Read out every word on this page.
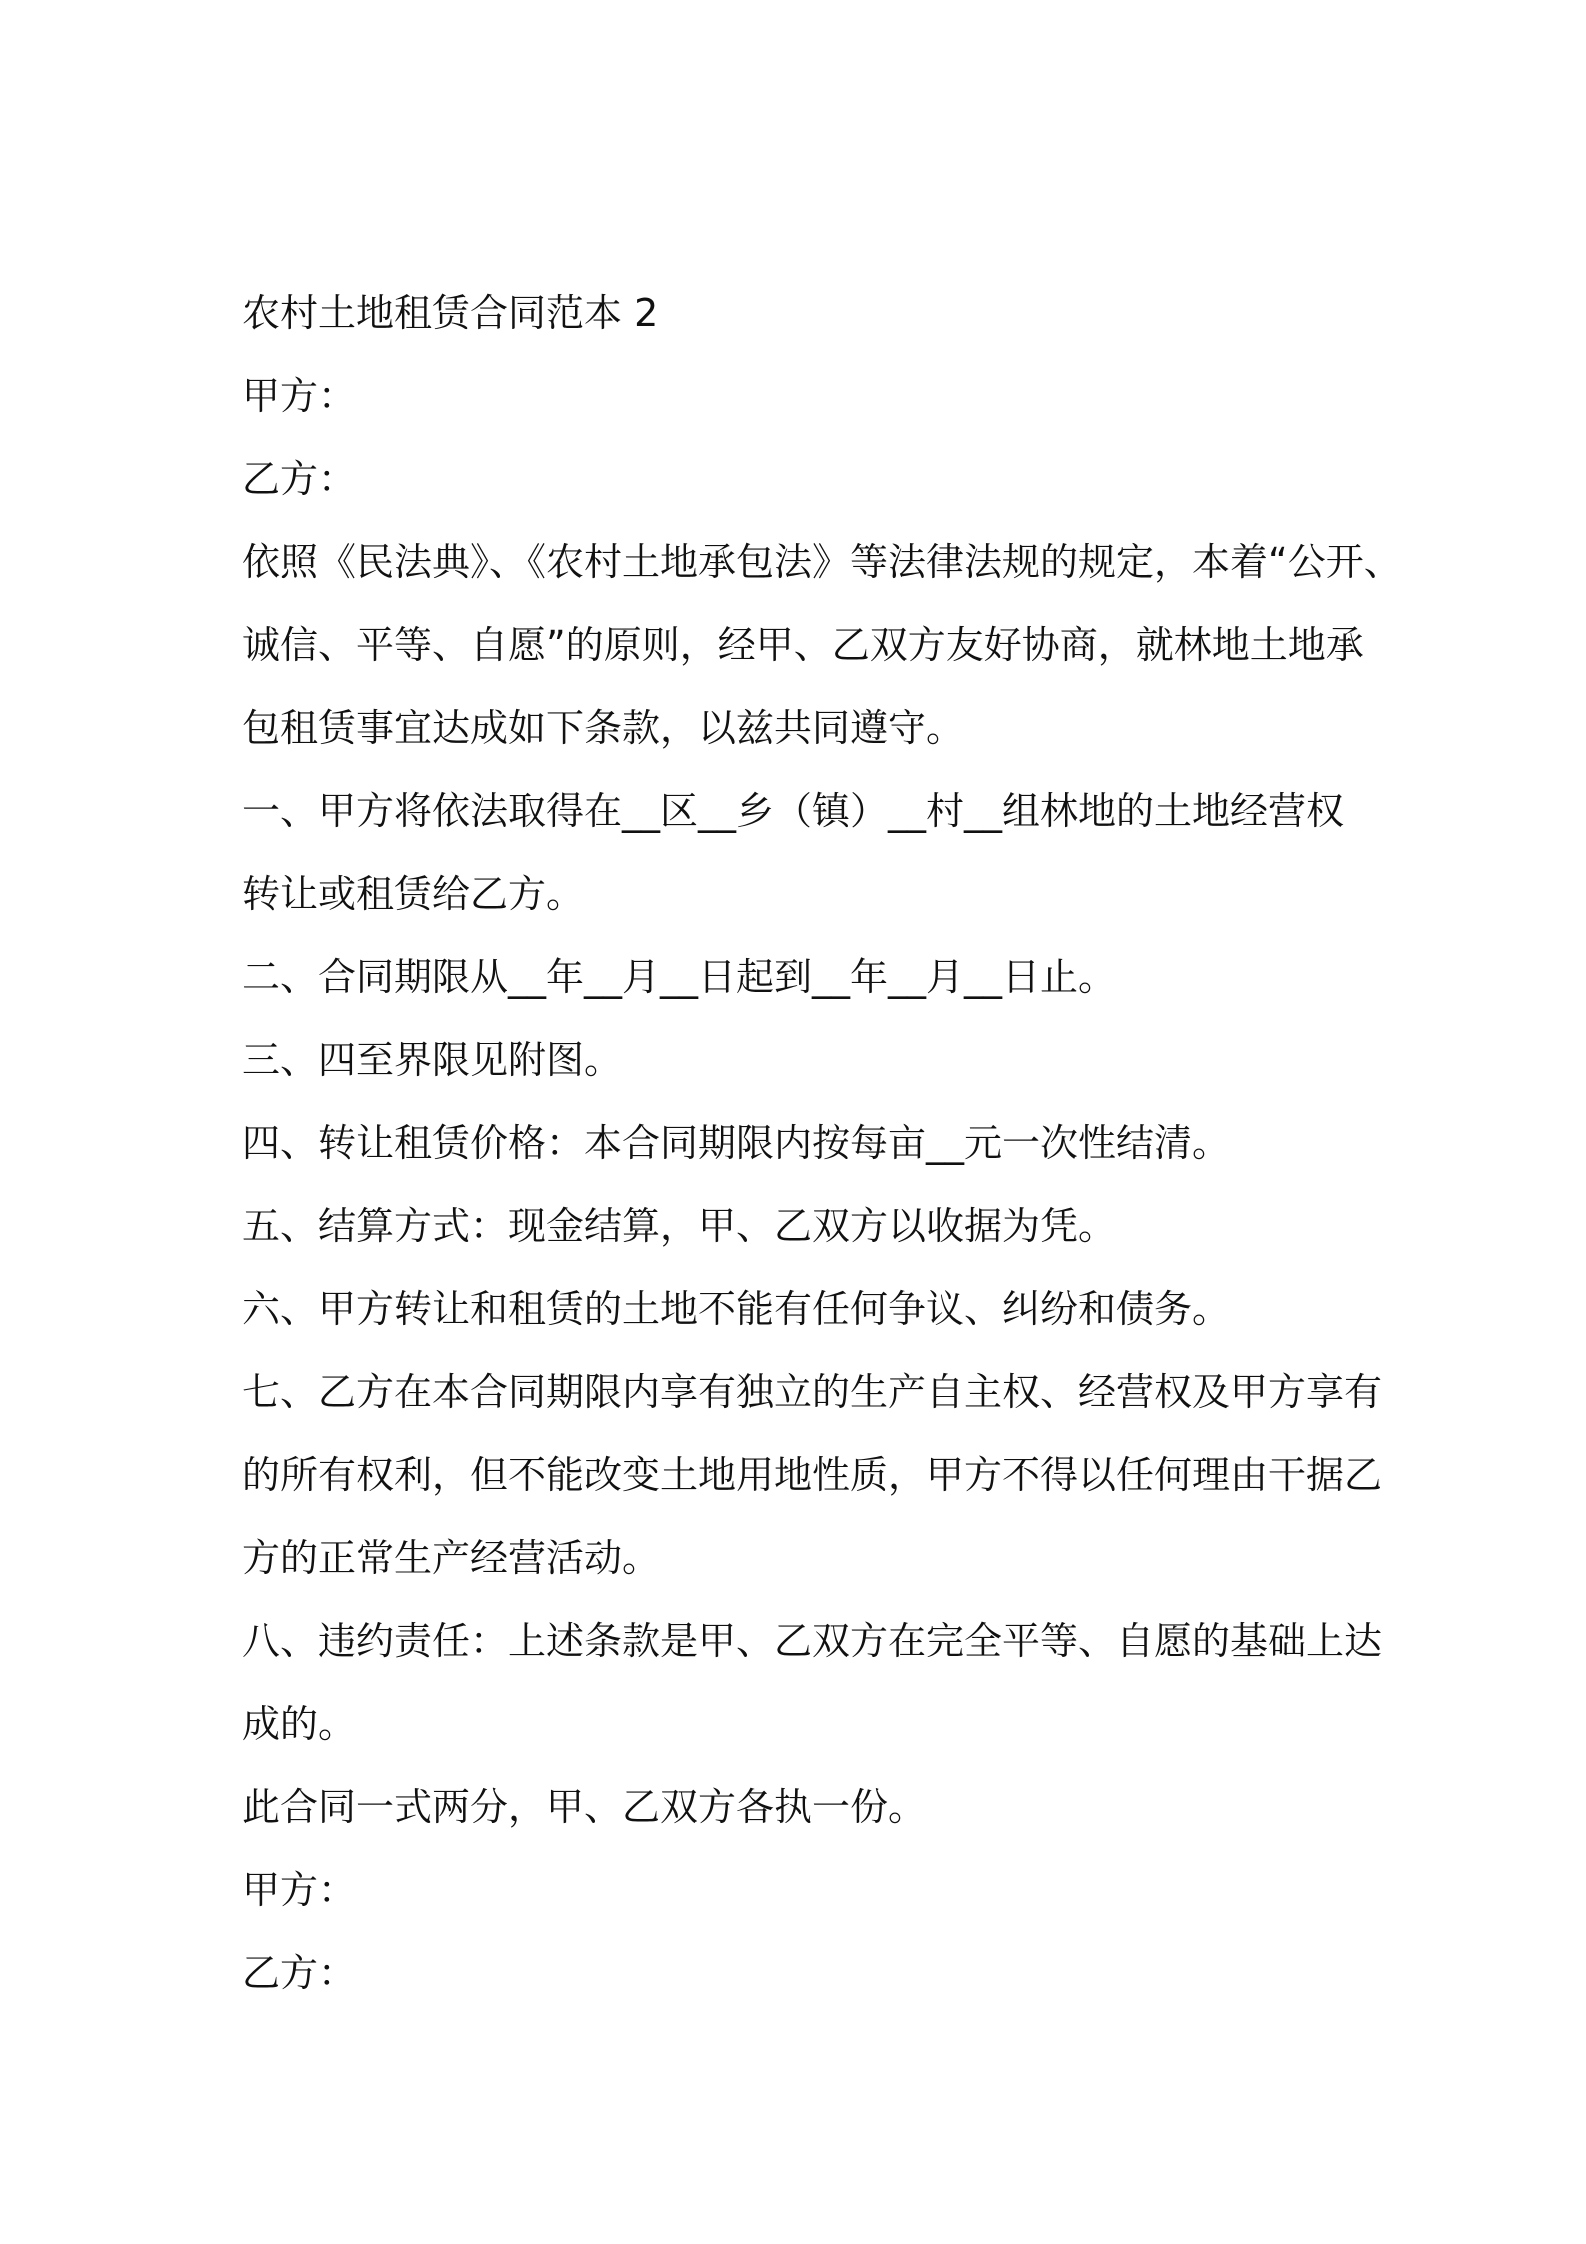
农村土地租赁合同范本 2

甲方：

乙方：

依照《民法典》、《农村土地承包法》等法律法规的规定，本着“公开、

诚信、平等、自愿”的原则，经甲、乙双方友好协商，就林地土地承

包租赁事宜达成如下条款，以兹共同遵守。

一、甲方将依法取得在__区__乡（镇）__村__组林地的土地经营权

转让或租赁给乙方。

二、合同期限从__年__月__日起到__年__月__日止。

三、四至界限见附图。

四、转让租赁价格：本合同期限内按每亩__元一次性结清。

五、结算方式：现金结算，甲、乙双方以收据为凭。

六、甲方转让和租赁的土地不能有任何争议、纠纷和债务。

七、乙方在本合同期限内享有独立的生产自主权、经营权及甲方享有

的所有权利，但不能改变土地用地性质，甲方不得以任何理由干据乙

方的正常生产经营活动。

八、违约责任：上述条款是甲、乙双方在完全平等、自愿的基础上达

成的。

此合同一式两分，甲、乙双方各执一份。

甲方：

乙方：
